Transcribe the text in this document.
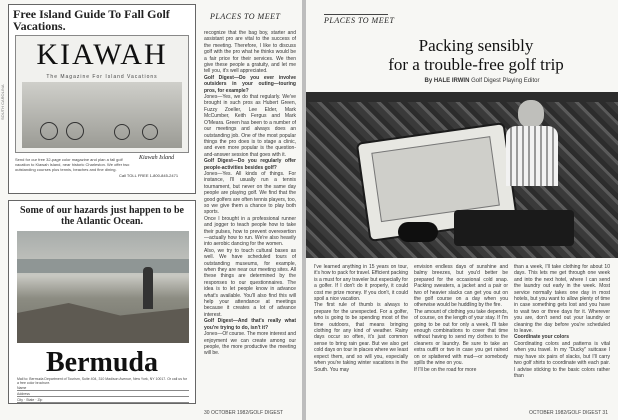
Free Island Guide To Fall Golf Vacations.
KIAWAH
The Magazine For Island Vacations
Send for our free 32-page color magazine and plan a fall golf vacation to Kiawah Island, near historic Charleston. We offer two outstanding courses plus tennis, beaches and fine dining.
Kiawah Island
Call TOLL FREE 1-800-845-2471
SOUTH CAROLINA
Some of our hazards just happen to be the Atlantic Ocean.
Bermuda
Mail to: Bermuda Department of Tourism, Suite 404, 310 Madison Avenue, New York, NY 10017. Or call us for a free color brochure.
Name
Address
City · State · Zip
PLACES TO MEET
recognize that the bag boy, starter and assistant pro are vital to the success of the meeting. Therefore, I like to discuss golf with the pro what he thinks would be a fair price for their services. We then give these people a gratuity, and let me tell you, it's well appreciated.
Golf Digest—Do you ever involve outsiders in your outing—touring pros, for example?
Jones—Yes, we do that regularly. We've brought in such pros as Hubert Green, Fuzzy Zoeller, Lee Elder, Mark McCumber, Keith Fergus and Mark O'Meara. Green has been to a number of our meetings and always does an outstanding job. One of the most popular things the pro does is to stage a clinic, and even more popular is the question-and-answer session that goes with it.
Golf Digest—Do you regularly offer people-activities besides golf?
Jones—Yes. All kinds of things. For instance, I'll usually run a tennis tournament, but never on the same day people are playing golf. We find that the good golfers are often tennis players, too, so we give them a chance to play both sports.
Once I brought in a professional runner and jogger to teach people how to take their pulses, how to prevent overexertion—actually how to run. We're also heavily into aerobic dancing for the women.
Also, we try to touch cultural bases as well. We have scheduled tours of outstanding museums, for example, when they are near our meeting sites. All these things are determined by the responses to our questionnaires. The idea is to let people know in advance what's available. You'll also find this will help your attendance at meetings because it creates a lot of advance interest.
Golf Digest—And that's really what you're trying to do, isn't it?
Jones—Of course. The more interest and enjoyment we can create among our people, the more productive the meeting will be.
30 OCTOBER 1982/GOLF DIGEST
PLACES TO MEET
Packing sensibly
for a trouble-free golf trip
By HALE IRWIN Golf Digest Playing Editor
I've learned anything in 15 years on tour, it's how to pack for travel. Efficient packing is a must for any traveler but especially for a golfer. If I don't do it properly, it could cost me prize money. If you don't, it could spoil a nice vacation.
The first rule of thumb is always to prepare for the unexpected. For a golfer, who is going to be spending most of the time outdoors, that means bringing clothing for any kind of weather. Rainy days occur so often, it's just common sense to bring rain gear. But we also get cold days on tour in places where we least expect them, and so will you, especially when you're taking winter vacations in the South. You may
envision endless days of sunshine and balmy breezes, but you'd better be prepared for the occasional cold snap. Packing sweaters, a jacket and a pair or two of heavier slacks can get you out on the golf course on a day when you otherwise would be huddling by the fire.
The amount of clothing you take depends, of course, on the length of your stay. If I'm going to be out for only a week, I'll take enough combinations to cover that time without having to send my clothes to the cleaners or laundry. Be sure to take an extra outfit or two in case you get rained on or splattered with mud—or somebody spills the wine on you.
If I'll be on the road for more
than a week, I'll take clothing for about 10 days. This lets me get through one week and into the next hotel, where I can send the laundry out early in the week. Most service normally takes one day in most hotels, but you want to allow plenty of time in case something gets lost and you have to wait two or three days for it. Wherever you are, don't send out your laundry or cleaning the day before you're scheduled to leave.
Coordinate your colors
Coordinating colors and patterns is vital when you travel. In my "Ducky" suitcase I may have six pairs of slacks, but I'll carry two golf shirts to coordinate with each pair. I advise sticking to the basic colors rather than
OCTOBER 1982/GOLF DIGEST 31
